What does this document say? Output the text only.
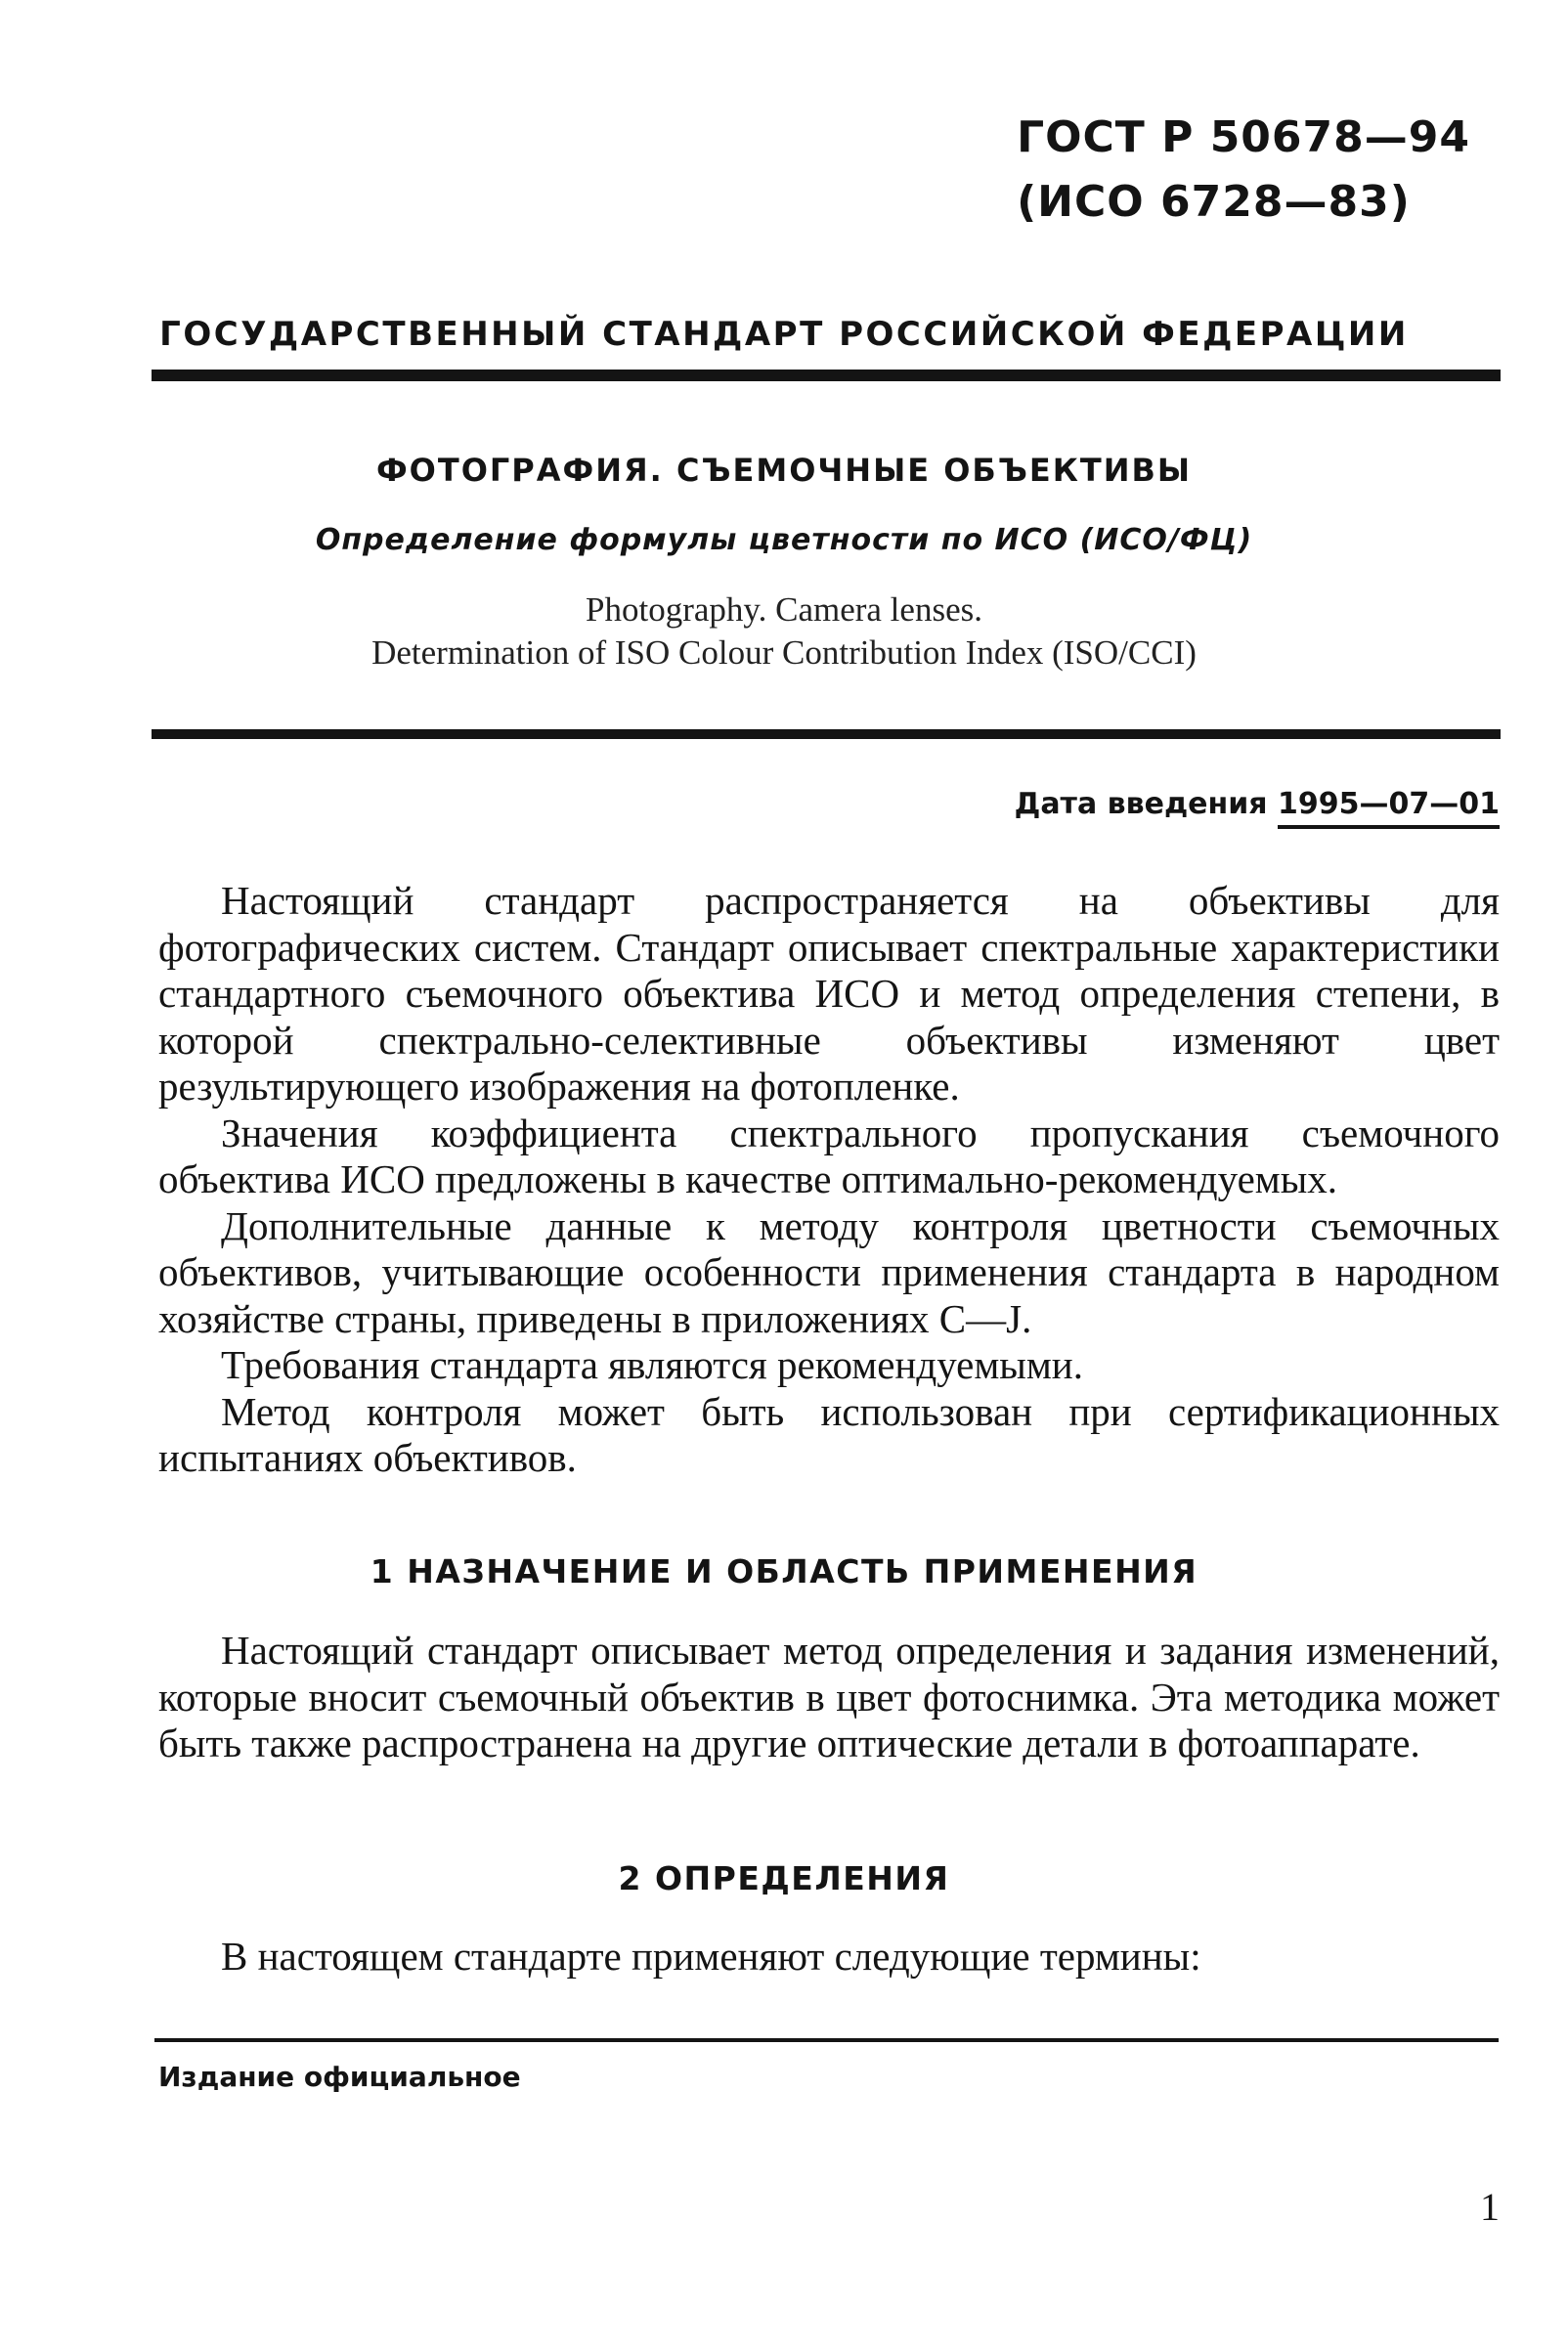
ГОСТ Р 50678—94
(ИСО 6728—83)
ГОСУДАРСТВЕННЫЙ СТАНДАРТ РОССИЙСКОЙ ФЕДЕРАЦИИ
ФОТОГРАФИЯ. СЪЕМОЧНЫЕ ОБЪЕКТИВЫ
Определение формулы цветности по ИСО (ИСО/ФЦ)
Photography. Camera lenses.
Determination of ISO Colour Contribution Index (ISO/CCI)
Дата введения 1995—07—01

Настоящий стандарт распространяется на объективы для фотографических систем. Стандарт описывает спектральные характеристики стандартного съемочного объектива ИСО и метод определения степени, в которой спектрально-селективные объективы изменяют цвет результирующего изображения на фотопленке.

Значения коэффициента спектрального пропускания съемочного объектива ИСО предложены в качестве оптимально-рекомендуемых.

Дополнительные данные к методу контроля цветности съемочных объективов, учитывающие особенности применения стандарта в народном хозяйстве страны, приведены в приложениях С—J.

Требования стандарта являются рекомендуемыми.

Метод контроля может быть использован при сертификационных испытаниях объективов.

1 НАЗНАЧЕНИЕ И ОБЛАСТЬ ПРИМЕНЕНИЯ

Настоящий стандарт описывает метод определения и задания изменений, которые вносит съемочный объектив в цвет фотоснимка. Эта методика может быть также распространена на другие оптические детали в фотоаппарате.

2 ОПРЕДЕЛЕНИЯ

В настоящем стандарте применяют следующие термины:

Издание официальное
1
